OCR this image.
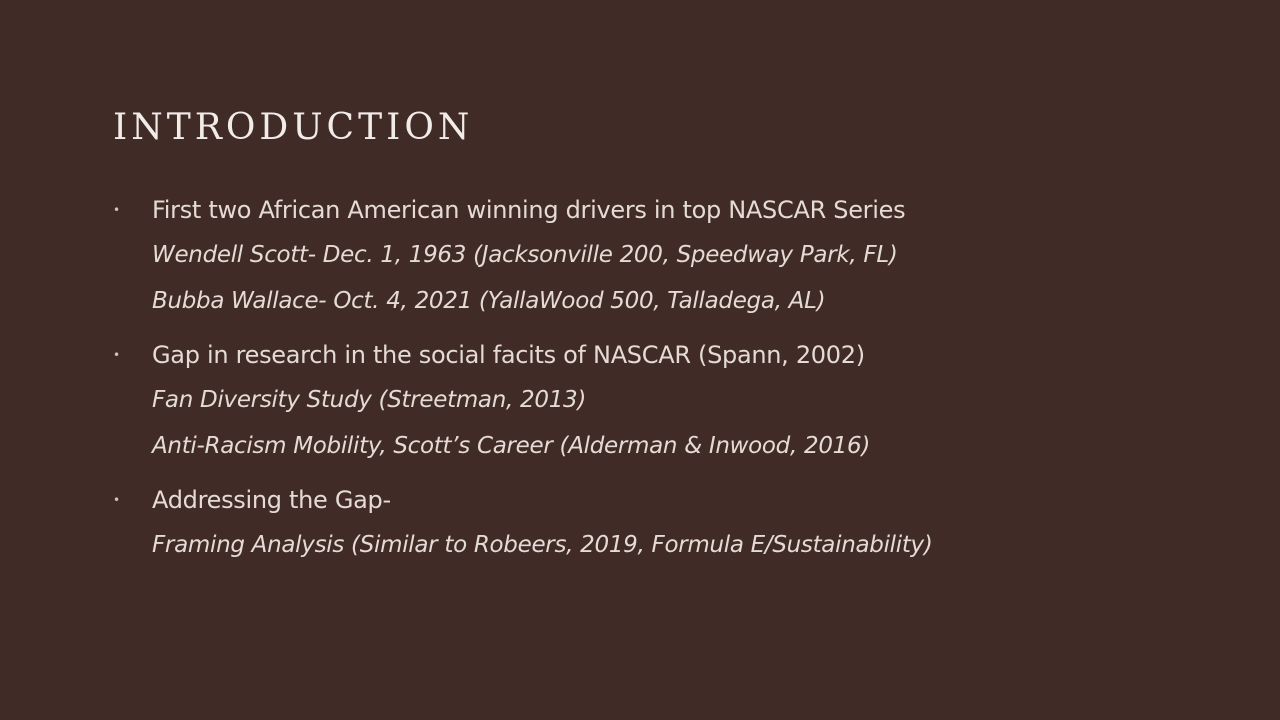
INTRODUCTION
• First two African American winning drivers in top NASCAR Series
Wendell Scott- Dec. 1, 1963 (Jacksonville 200, Speedway Park, FL)
Bubba Wallace- Oct. 4, 2021 (YallaWood 500, Talladega, AL)
• Gap in research in the social facits of NASCAR (Spann, 2002)
Fan Diversity Study (Streetman, 2013)
Anti-Racism Mobility, Scott’s Career (Alderman & Inwood, 2016)
• Addressing the Gap-
Framing Analysis (Similar to Robeers, 2019, Formula E/Sustainability)
